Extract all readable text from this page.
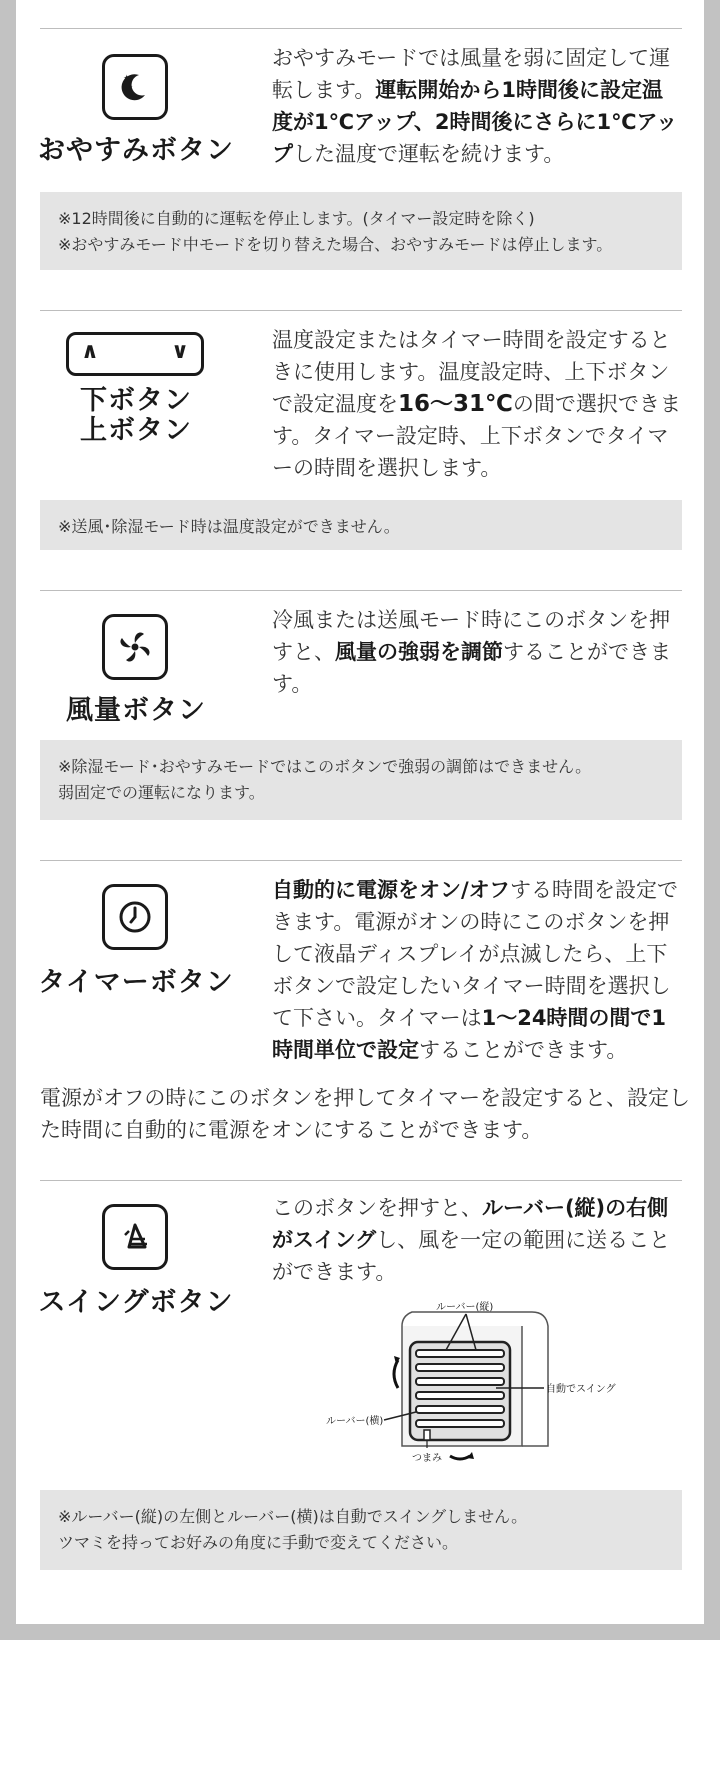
✦
✦
おやすみボタン
おやすみモードでは風量を弱に固定して運転します。運転開始から1時間後に設定温度が1℃アップ、2時間後にさらに1℃アップした温度で運転を続けます。
※12時間後に自動的に運転を停止します。(タイマー設定時を除く)
※おやすみモード中モードを切り替えた場合、おやすみモードは停止します。
∧	∨
下ボタン
上ボタン
温度設定またはタイマー時間を設定するときに使用します。温度設定時、上下ボタンで設定温度を16〜31℃の間で選択できます。タイマー設定時、上下ボタンでタイマーの時間を選択します。
※送風･除湿モード時は温度設定ができません。
風量ボタン
冷風または送風モード時にこのボタンを押すと、風量の強弱を調節することができます。
※除湿モード･おやすみモードではこのボタンで強弱の調節はできません。
弱固定での運転になります。
タイマーボタン
自動的に電源をオン/オフする時間を設定できます。電源がオンの時にこのボタンを押して液晶ディスプレイが点滅したら、上下ボタンで設定したいタイマー時間を選択して下さい。タイマーは1〜24時間の間で1時間単位で設定することができます。
電源がオフの時にこのボタンを押してタイマーを設定すると、設定した時間に自動的に電源をオンにすることができます。
スイングボタン
このボタンを押すと、ルーバー(縦)の右側がスイングし、風を一定の範囲に送ることができます。
ルーバー(縦)
自動でスイング
ルーバー(横)
つまみ
※ルーバー(縦)の左側とルーバー(横)は自動でスイングしません。
ツマミを持ってお好みの角度に手動で変えてください。
